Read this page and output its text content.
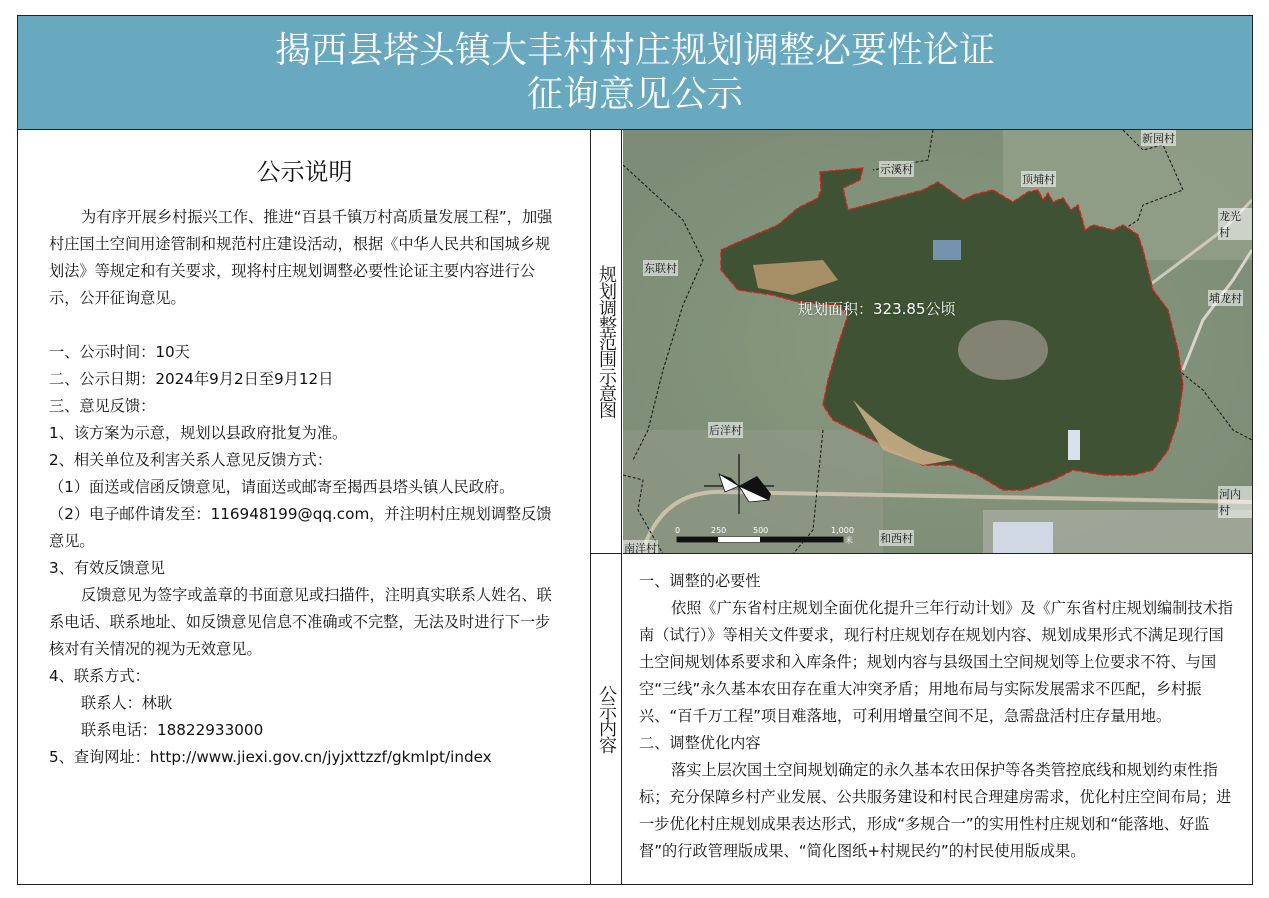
揭西县塔头镇大丰村村庄规划调整必要性论证
征询意见公示
公示说明

为有序开展乡村振兴工作、推进“百县千镇万村高质量发展工程”，加强村庄国土空间用途管制和规范村庄建设活动，根据《中华人民共和国城乡规划法》等规定和有关要求，现将村庄规划调整必要性论证主要内容进行公示，公开征询意见。

一、公示时间：10天

二、公示日期：2024年9月2日至9月12日

三、意见反馈：

1、该方案为示意，规划以县政府批复为准。

2、相关单位及利害关系人意见反馈方式：

（1）面送或信函反馈意见，请面送或邮寄至揭西县塔头镇人民政府。

（2）电子邮件请发至：116948199@qq.com，并注明村庄规划调整反馈意见。

3、有效反馈意见

反馈意见为签字或盖章的书面意见或扫描件，注明真实联系人姓名、联系电话、联系地址、如反馈意见信息不准确或不完整，无法及时进行下一步核对有关情况的视为无效意见。

4、联系方式：

联系人：林耿

联系电话：18822933000

5、查询网址：http://www.jiexi.gov.cn/jyjxttzzf/gkmlpt/index

规划调整范围示意图
新园村
示溪村
顶埔村
龙光村
东联村
埔龙村
后洋村
河内村
和西村
南洋村
规划面积：323.85公顷
0	250	500	1,000
米
公示内容

一、调整的必要性

依照《广东省村庄规划全面优化提升三年行动计划》及《广东省村庄规划编制技术指南（试行）》等相关文件要求，现行村庄规划存在规划内容、规划成果形式不满足现行国土空间规划体系要求和入库条件；规划内容与县级国土空间规划等上位要求不符、与国空“三线”永久基本农田存在重大冲突矛盾；用地布局与实际发展需求不匹配，乡村振兴、“百千万工程”项目难落地，可利用增量空间不足，急需盘活村庄存量用地。

二、调整优化内容

落实上层次国土空间规划确定的永久基本农田保护等各类管控底线和规划约束性指标；充分保障乡村产业发展、公共服务建设和村民合理建房需求，优化村庄空间布局；进一步优化村庄规划成果表达形式，形成“多规合一”的实用性村庄规划和“能落地、好监督”的行政管理版成果、“简化图纸+村规民约”的村民使用版成果。
